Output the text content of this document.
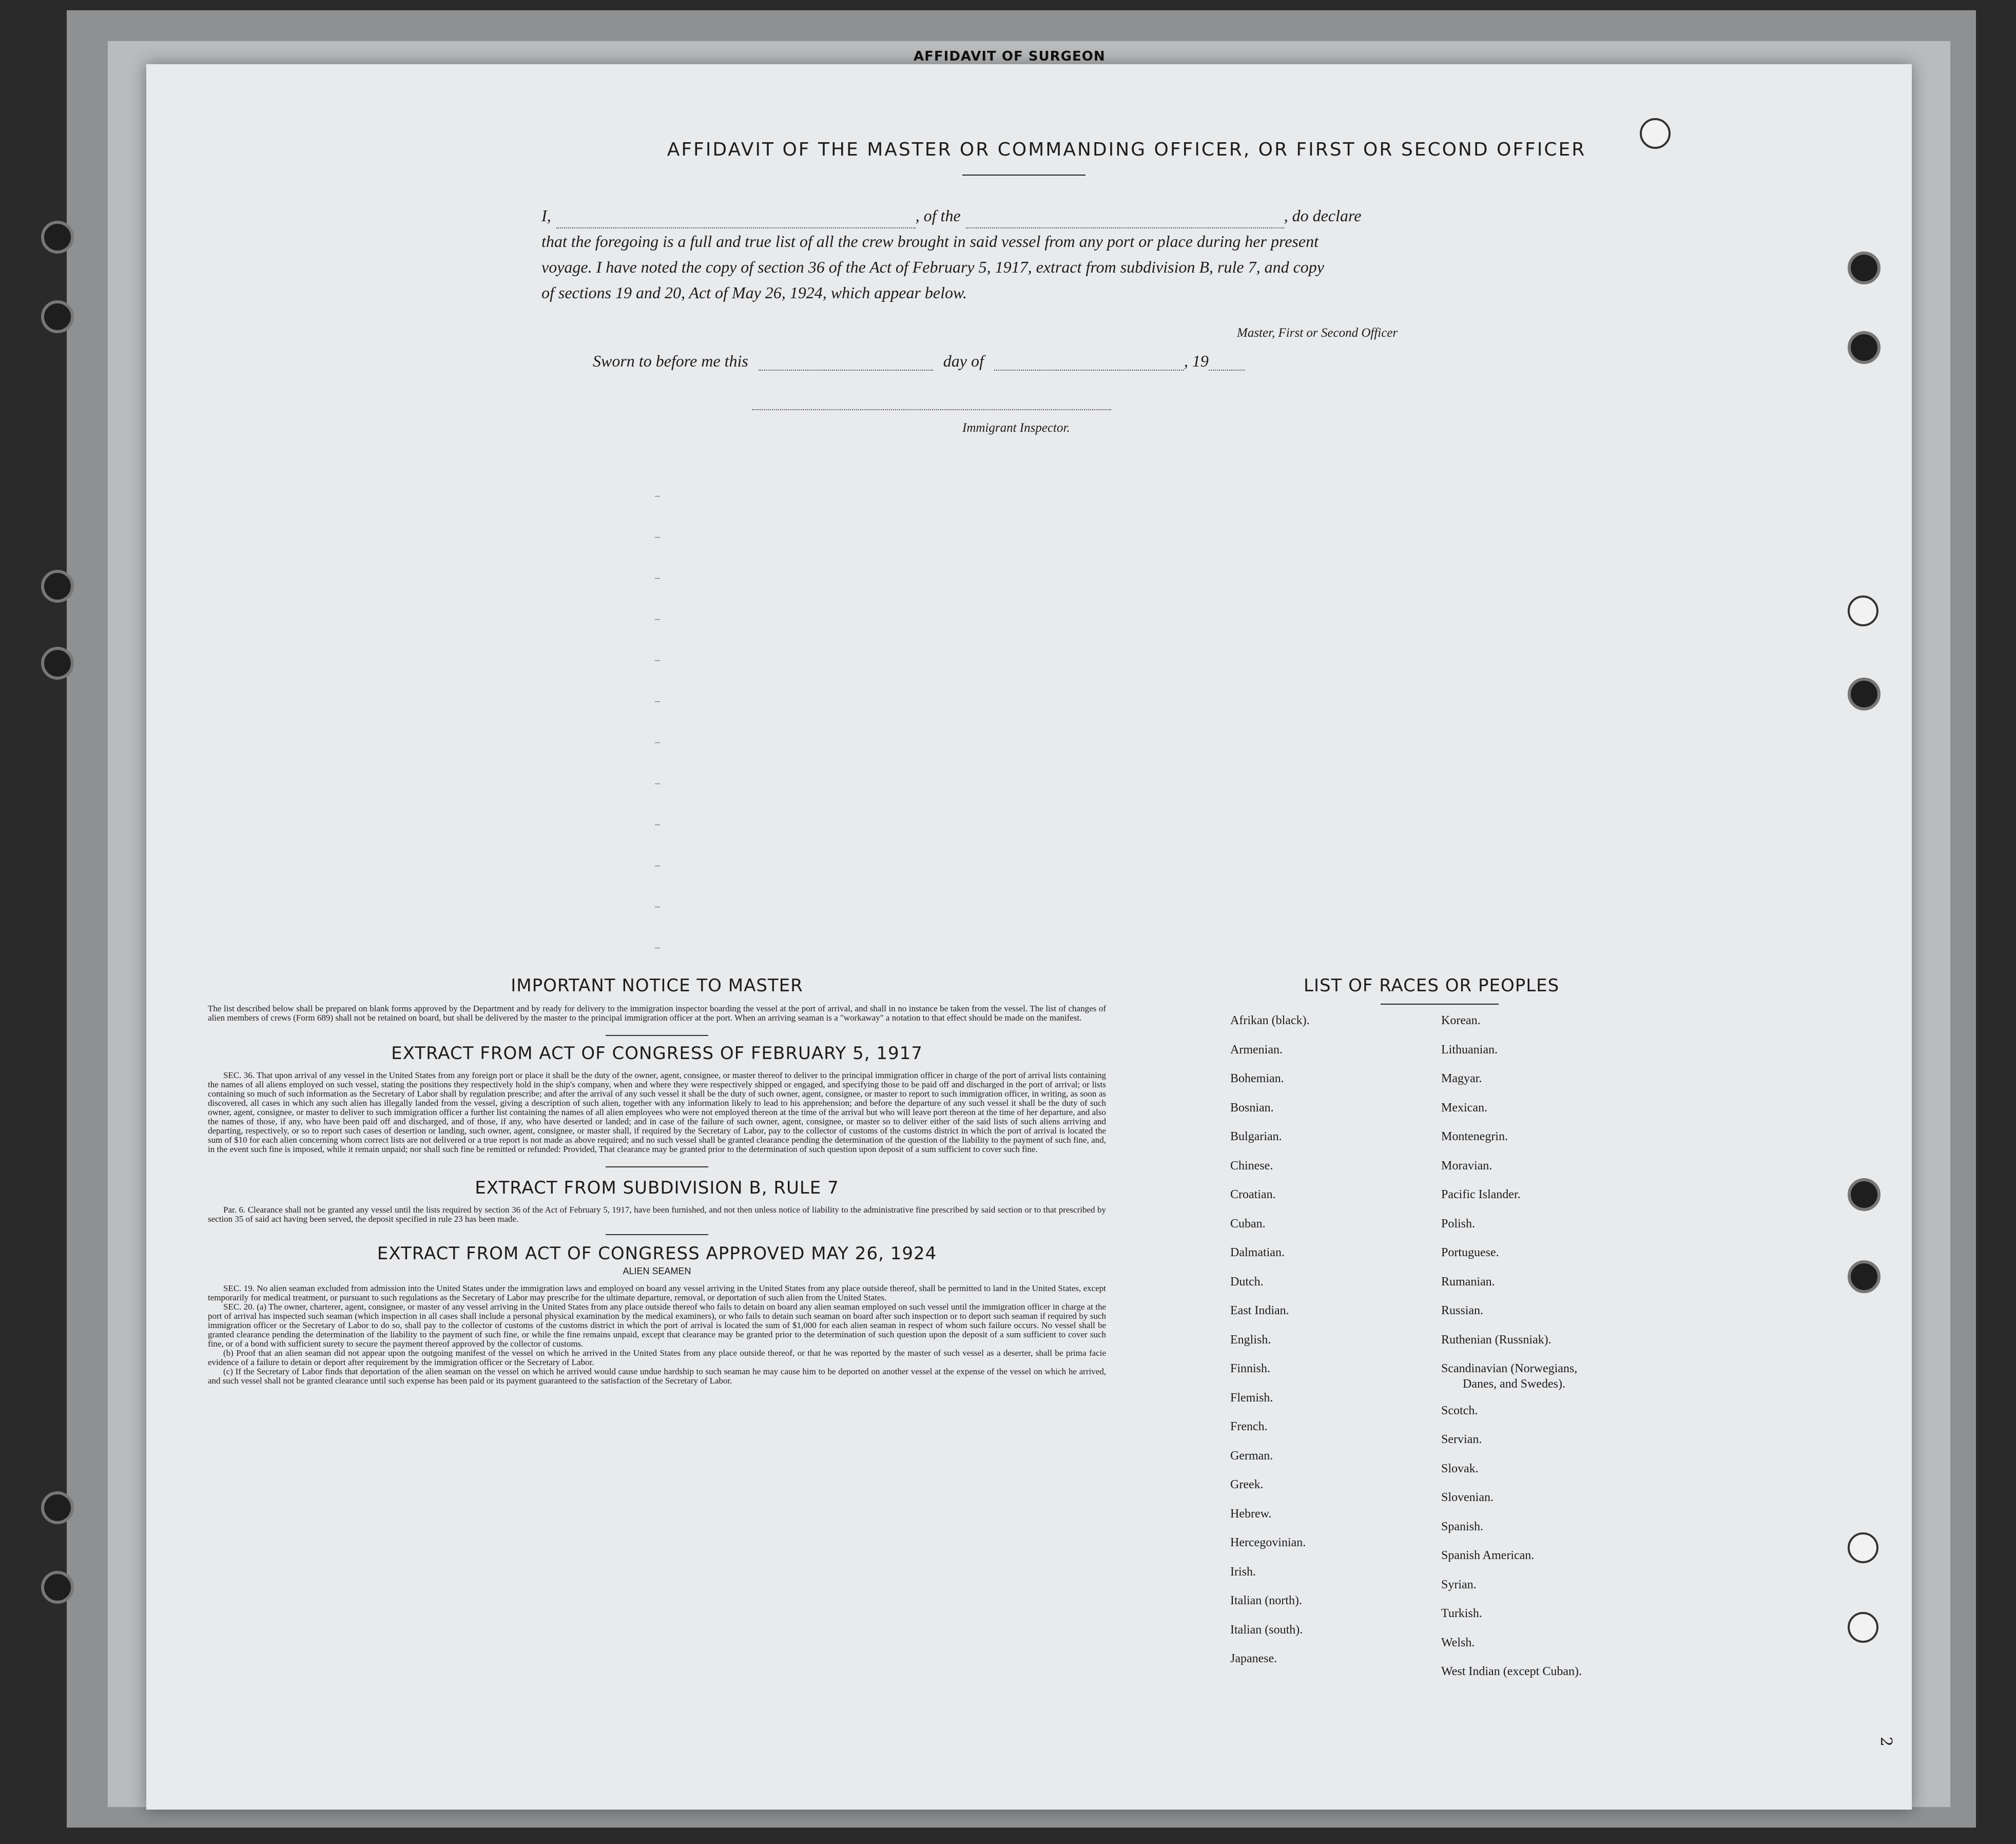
AFFIDAVIT OF SURGEON
AFFIDAVIT OF THE MASTER OR COMMANDING OFFICER, OR FIRST OR SECOND OFFICER
I,	, of the	, do declare
that the foregoing is a full and true list of all the crew brought in said vessel from any port or place during her present
voyage. I have noted the copy of section 36 of the Act of February 5, 1917, extract from subdivision B, rule 7, and copy
of sections 19 and 20, Act of May 26, 1924, which appear below.
Master, First or Second Officer
Sworn to before me this	day of	, 19
Immigrant Inspector.
–
–
–
–
–
–
–
–
–
–
–
–
IMPORTANT NOTICE TO MASTER
The list described below shall be prepared on blank forms approved by the Department and by ready for delivery to the immigration inspector boarding the vessel at the port of arrival, and shall in no instance be taken from the vessel. The list of changes of alien members of crews (Form 689) shall not be retained on board, but shall be delivered by the master to the principal immigration officer at the port. When an arriving seaman is a "workaway" a notation to that effect should be made on the manifest.
EXTRACT FROM ACT OF CONGRESS OF FEBRUARY 5, 1917
SEC. 36. That upon arrival of any vessel in the United States from any foreign port or place it shall be the duty of the owner, agent, consignee, or master thereof to deliver to the principal immigration officer in charge of the port of arrival lists containing the names of all aliens employed on such vessel, stating the positions they respectively hold in the ship's company, when and where they were respectively shipped or engaged, and specifying those to be paid off and discharged in the port of arrival; or lists containing so much of such information as the Secretary of Labor shall by regulation prescribe; and after the arrival of any such vessel it shall be the duty of such owner, agent, consignee, or master to report to such immigration officer, in writing, as soon as discovered, all cases in which any such alien has illegally landed from the vessel, giving a description of such alien, together with any information likely to lead to his apprehension; and before the departure of any such vessel it shall be the duty of such owner, agent, consignee, or master to deliver to such immigration officer a further list containing the names of all alien employees who were not employed thereon at the time of the arrival but who will leave port thereon at the time of her departure, and also the names of those, if any, who have been paid off and discharged, and of those, if any, who have deserted or landed; and in case of the failure of such owner, agent, consignee, or master so to deliver either of the said lists of such aliens arriving and departing, respectively, or so to report such cases of desertion or landing, such owner, agent, consignee, or master shall, if required by the Secretary of Labor, pay to the collector of customs of the customs district in which the port of arrival is located the sum of $10 for each alien concerning whom correct lists are not delivered or a true report is not made as above required; and no such vessel shall be granted clearance pending the determination of the question of the liability to the payment of such fine, and, in the event such fine is imposed, while it remain unpaid; nor shall such fine be remitted or refunded: Provided, That clearance may be granted prior to the determination of such question upon deposit of a sum sufficient to cover such fine.
EXTRACT FROM SUBDIVISION B, RULE 7
Par. 6. Clearance shall not be granted any vessel until the lists required by section 36 of the Act of February 5, 1917, have been furnished, and not then unless notice of liability to the administrative fine prescribed by said section or to that prescribed by section 35 of said act having been served, the deposit specified in rule 23 has been made.
EXTRACT FROM ACT OF CONGRESS APPROVED MAY 26, 1924
ALIEN SEAMEN
SEC. 19. No alien seaman excluded from admission into the United States under the immigration laws and employed on board any vessel arriving in the United States from any place outside thereof, shall be permitted to land in the United States, except temporarily for medical treatment, or pursuant to such regulations as the Secretary of Labor may prescribe for the ultimate departure, removal, or deportation of such alien from the United States.
SEC. 20. (a) The owner, charterer, agent, consignee, or master of any vessel arriving in the United States from any place outside thereof who fails to detain on board any alien seaman employed on such vessel until the immigration officer in charge at the port of arrival has inspected such seaman (which inspection in all cases shall include a personal physical examination by the medical examiners), or who fails to detain such seaman on board after such inspection or to deport such seaman if required by such immigration officer or the Secretary of Labor to do so, shall pay to the collector of customs of the customs district in which the port of arrival is located the sum of $1,000 for each alien seaman in respect of whom such failure occurs. No vessel shall be granted clearance pending the determination of the liability to the payment of such fine, or while the fine remains unpaid, except that clearance may be granted prior to the determination of such question upon the deposit of a sum sufficient to cover such fine, or of a bond with sufficient surety to secure the payment thereof approved by the collector of customs.
(b) Proof that an alien seaman did not appear upon the outgoing manifest of the vessel on which he arrived in the United States from any place outside thereof, or that he was reported by the master of such vessel as a deserter, shall be prima facie evidence of a failure to detain or deport after requirement by the immigration officer or the Secretary of Labor.
(c) If the Secretary of Labor finds that deportation of the alien seaman on the vessel on which he arrived would cause undue hardship to such seaman he may cause him to be deported on another vessel at the expense of the vessel on which he arrived, and such vessel shall not be granted clearance until such expense has been paid or its payment guaranteed to the satisfaction of the Secretary of Labor.
LIST OF RACES OR PEOPLES
2
Afrikan (black).
Armenian.
Bohemian.
Bosnian.
Bulgarian.
Chinese.
Croatian.
Cuban.
Dalmatian.
Dutch.
East Indian.
English.
Finnish.
Flemish.
French.
German.
Greek.
Hebrew.
Hercegovinian.
Irish.
Italian (north).
Italian (south).
Japanese.
Korean.
Lithuanian.
Magyar.
Mexican.
Montenegrin.
Moravian.
Pacific Islander.
Polish.
Portuguese.
Rumanian.
Russian.
Ruthenian (Russniak).
Scandinavian (Norwegians,
Danes, and Swedes).
Scotch.
Servian.
Slovak.
Slovenian.
Spanish.
Spanish American.
Syrian.
Turkish.
Welsh.
West Indian (except Cuban).
